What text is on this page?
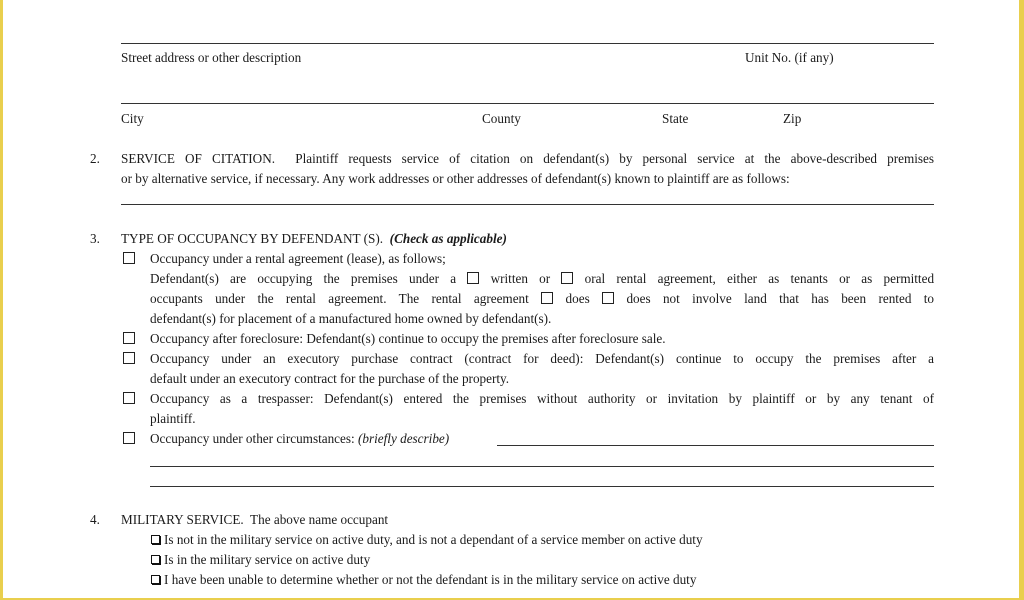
Street address or other description	Unit No. (if any)
City	County	State	Zip
2. SERVICE OF CITATION. Plaintiff requests service of citation on defendant(s) by personal service at the above-described premises
or by alternative service, if necessary. Any work addresses or other addresses of defendant(s) known to plaintiff are as follows:
3. TYPE OF OCCUPANCY BY DEFENDANT (S). (Check as applicable)
Occupancy under a rental agreement (lease), as follows;
Defendant(s) are occupying the premises under a	written or	oral rental agreement, either as tenants or as permitted
occupants under the rental agreement. The rental agreement	does	does not involve land that has been rented to
defendant(s) for placement of a manufactured home owned by defendant(s).
Occupancy after foreclosure: Defendant(s) continue to occupy the premises after foreclosure sale.
Occupancy under an executory purchase contract (contract for deed): Defendant(s) continue to occupy the premises after a
default under an executory contract for the purchase of the property.
Occupancy as a trespasser: Defendant(s) entered the premises without authority or invitation by plaintiff or by any tenant of
plaintiff.
Occupancy under other circumstances: (briefly describe)
4. MILITARY SERVICE. The above name occupant
Is not in the military service on active duty, and is not a dependant of a service member on active duty
Is in the military service on active duty
I have been unable to determine whether or not the defendant is in the military service on active duty
